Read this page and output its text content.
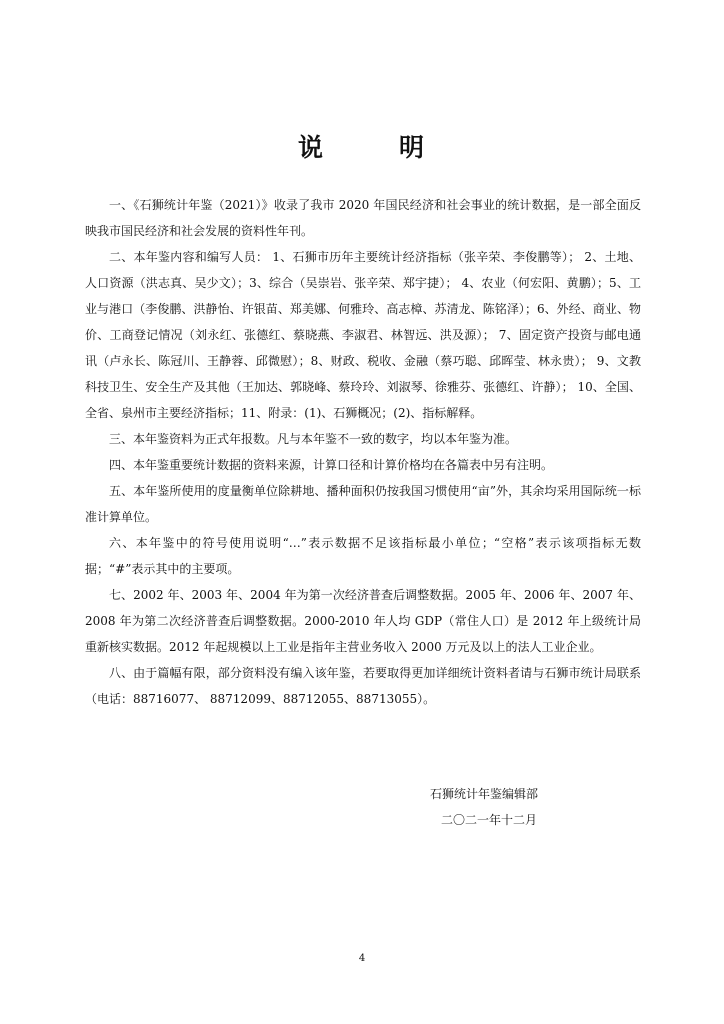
说	明

一、《石狮统计年鉴（2021）》收录了我市 2020 年国民经济和社会事业的统计数据，是一部全面反映我市国民经济和社会发展的资料性年刊。

二、本年鉴内容和编写人员： 1、石狮市历年主要统计经济指标（张辛荣、李俊鹏等）； 2、土地、人口资源（洪志真、吴少文）；3、综合（吴崇岩、张辛荣、郑宇捷）； 4、农业（何宏阳、黄鹏）；5、工业与港口（李俊鹏、洪静怡、许银苗、郑美娜、何雅玲、高志樟、苏清龙、陈铭泽）；6、外经、商业、物价、工商登记情况（刘永红、张德红、蔡晓燕、李淑君、林智远、洪及源）； 7、固定资产投资与邮电通讯（卢永长、陈冠川、王静蓉、邱微慰）；8、财政、税收、金融（蔡巧聪、邱晖莹、林永贵）； 9、文教科技卫生、安全生产及其他（王加达、郭晓峰、蔡玲玲、刘淑琴、徐雅芬、张德红、许静）； 10、全国、全省、泉州市主要经济指标；11、附录：(1)、石狮概况；(2)、指标解释。

三、本年鉴资料为正式年报数。凡与本年鉴不一致的数字，均以本年鉴为准。

四、本年鉴重要统计数据的资料来源，计算口径和计算价格均在各篇表中另有注明。

五、本年鉴所使用的度量衡单位除耕地、播种面积仍按我国习惯使用“亩”外，其余均采用国际统一标准计算单位。

六、本年鉴中的符号使用说明“…”表示数据不足该指标最小单位；“空格”表示该项指标无数据；“#”表示其中的主要项。

七、2002 年、2003 年、2004 年为第一次经济普查后调整数据。2005 年、2006 年、2007 年、2008 年为第二次经济普查后调整数据。2000-2010 年人均 GDP（常住人口）是 2012 年上级统计局重新核实数据。2012 年起规模以上工业是指年主营业务收入 2000 万元及以上的法人工业企业。

八、由于篇幅有限，部分资料没有编入该年鉴，若要取得更加详细统计资料者请与石狮市统计局联系（电话：88716077、 88712099、88712055、88713055）。

石狮统计年鉴编辑部
二〇二一年十二月
4
